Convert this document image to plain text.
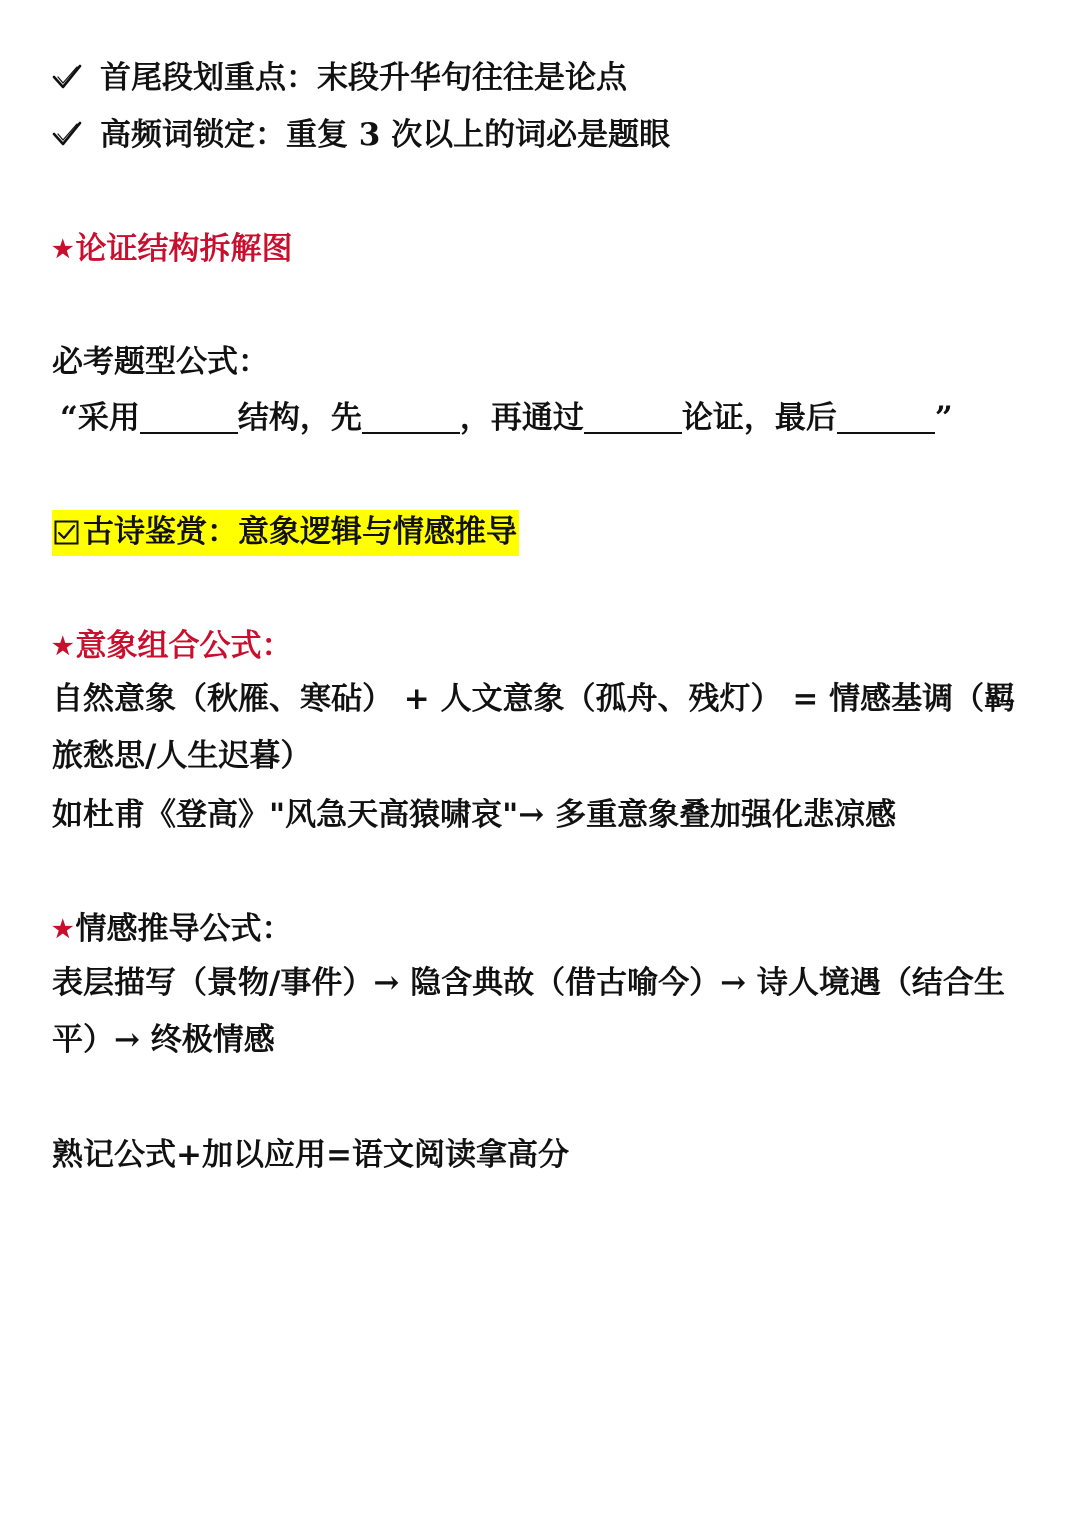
首尾段划重点：末段升华句往往是论点
高频词锁定：重复 3 次以上的词必是题眼
★论证结构拆解图
必考题型公式：
“采用	结构，先	，再通过	论证，最后	”
古诗鉴赏：意象逻辑与情感推导
★意象组合公式：
自然意象（秋雁、寒砧） + 人文意象（孤舟、残灯） = 情感基调（羁旅愁思/人生迟暮）
如杜甫《登高》"风急天高猿啸哀"→ 多重意象叠加强化悲凉感
★情感推导公式：
表层描写（景物/事件）→ 隐含典故（借古喻今）→ 诗人境遇（结合生平）→ 终极情感
熟记公式+加以应用=语文阅读拿高分
